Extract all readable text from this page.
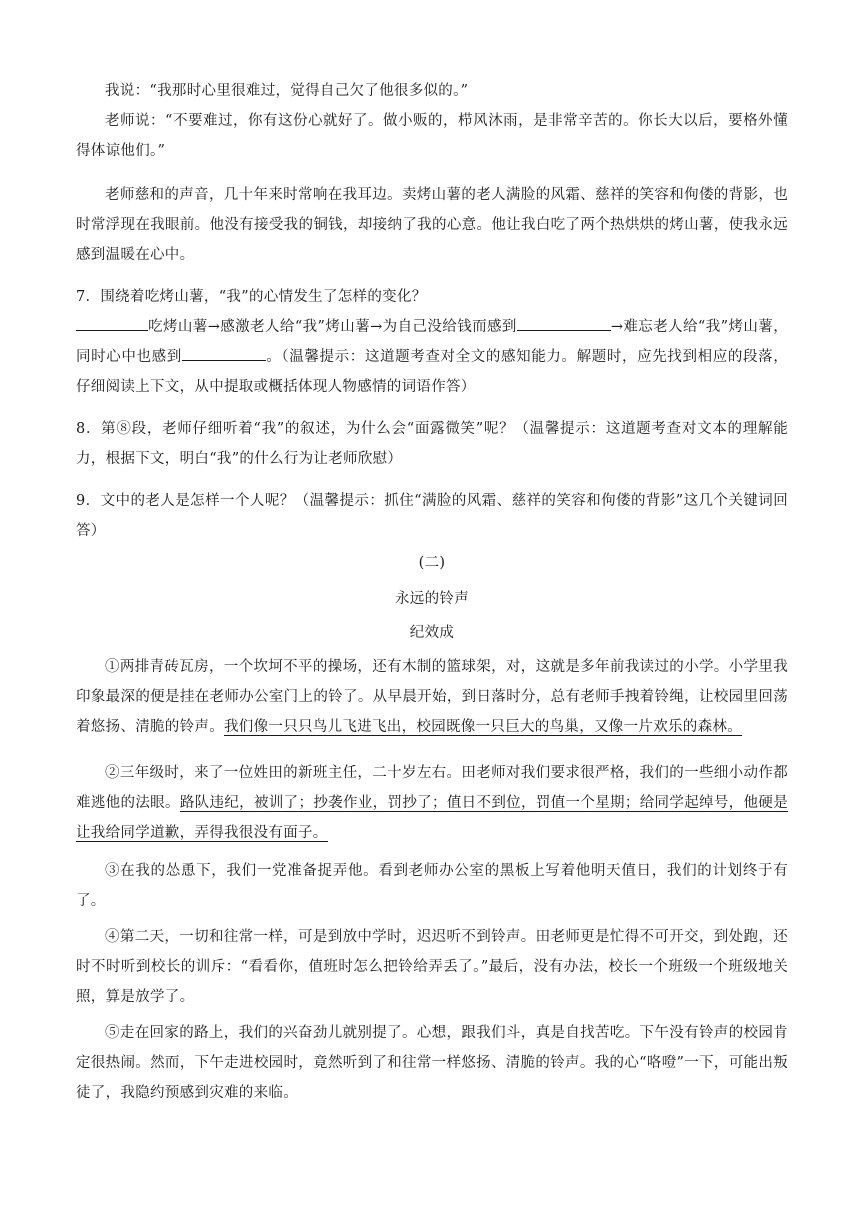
我说：“我那时心里很难过，觉得自己欠了他很多似的。”

老师说：“不要难过，你有这份心就好了。做小贩的，栉风沐雨，是非常辛苦的。你长大以后，要格外懂得体谅他们。”

老师慈和的声音，几十年来时常响在我耳边。卖烤山薯的老人满脸的风霜、慈祥的笑容和佝偻的背影，也时常浮现在我眼前。他没有接受我的铜钱，却接纳了我的心意。他让我白吃了两个热烘烘的烤山薯，使我永远感到温暖在心中。

7．围绕着吃烤山薯，“我”的心情发生了怎样的变化？

吃烤山薯→感激老人给“我”烤山薯→为自己没给钱而感到	→难忘老人给“我”烤山薯，同时心中也感到	。（温馨提示：这道题考查对全文的感知能力。解题时，应先找到相应的段落，仔细阅读上下文，从中提取或概括体现人物感情的词语作答）

8．第⑧段，老师仔细听着“我”的叙述，为什么会“面露微笑”呢？（温馨提示：这道题考查对文本的理解能力，根据下文，明白“我”的什么行为让老师欣慰）

9．文中的老人是怎样一个人呢？（温馨提示：抓住“满脸的风霜、慈祥的笑容和佝偻的背影”这几个关键词回答）

(二)

永远的铃声

纪效成

①两排青砖瓦房，一个坎坷不平的操场，还有木制的篮球架，对，这就是多年前我读过的小学。小学里我印象最深的便是挂在老师办公室门上的铃了。从早晨开始，到日落时分，总有老师手拽着铃绳，让校园里回荡着悠扬、清脆的铃声。我们像一只只鸟儿飞进飞出，校园既像一只巨大的鸟巢，又像一片欢乐的森林。

②三年级时，来了一位姓田的新班主任，二十岁左右。田老师对我们要求很严格，我们的一些细小动作都难逃他的法眼。路队违纪，被训了；抄袭作业，罚抄了；值日不到位，罚值一个星期；给同学起绰号，他硬是让我给同学道歉，弄得我很没有面子。

③在我的怂恿下，我们一党准备捉弄他。看到老师办公室的黑板上写着他明天值日，我们的计划终于有了。

④第二天，一切和往常一样，可是到放中学时，迟迟听不到铃声。田老师更是忙得不可开交，到处跑，还时不时听到校长的训斥：“看看你，值班时怎么把铃给弄丢了。”最后，没有办法，校长一个班级一个班级地关照，算是放学了。

⑤走在回家的路上，我们的兴奋劲儿就别提了。心想，跟我们斗，真是自找苦吃。下午没有铃声的校园肯定很热闹。然而，下午走进校园时，竟然听到了和往常一样悠扬、清脆的铃声。我的心“咯噔”一下，可能出叛徒了，我隐约预感到灾难的来临。
